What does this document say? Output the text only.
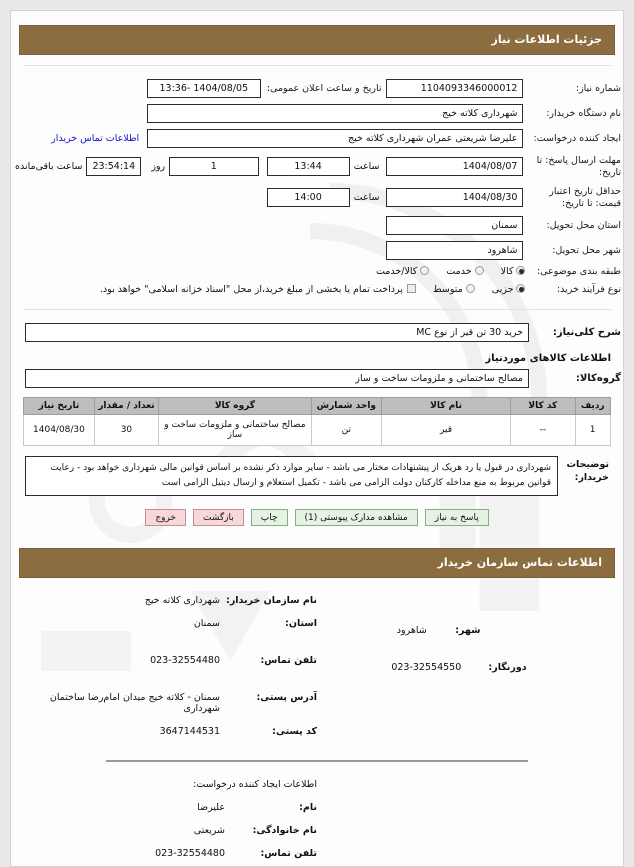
جزئیات اطلاعات نیاز
شماره نیاز:	
1104093346000012
	تاریخ و ساعت اعلان عمومی:	
1404/08/05 -13:36

نام دستگاه خریدار:	
شهرداری کلاته خیج

ایجاد کننده درخواست:	
علیرضا شریعتی عمران شهرداری کلاته خیج
	اطلاعات تماس خریدار
مهلت ارسال پاسخ: تا تاریخ:	
1404/08/07

ساعت	
13:44

1
	روز

23:54:14
	ساعت باقی‌مانده

حداقل تاریخ اعتبار قیمت: تا تاریخ:	
1404/08/30

ساعت	
14:00

استان محل تحویل:	
سمنان

شهر محل تحویل:	
شاهرود

طبقه بندی موضوعی:	کالا خدمت کالا/خدمت
نوع فرآیند خرید:	جزیی متوسط پرداخت تمام یا بخشی از مبلغ خرید،از محل "اسناد خزانه اسلامی" خواهد بود.
شرح کلی‌نیاز:	
خرید 30 تن قیر از نوع MC
اطلاعات کالاهای موردنیاز
گروه‌کالا:	
مصالح ساختمانی و ملزومات ساخت و ساز
ردیف	کد کالا	نام کالا	واحد شمارش	گروه کالا	تعداد / مقدار	تاریخ نیاز
1	--	قیر	تن	مصالح ساختمانی و ملزومات ساخت و ساز	30	1404/08/30
توضیحات خریدار:
شهرداری در قبول یا رد هریک از پیشنهادات مختار می باشد - سایر موارد ذکر نشده بر اساس قوانین مالی شهرداری خواهد بود - رعایت قوانین مربوط به منع مداخله کارکنان دولت الزامی می باشد - تکمیل استعلام و ارسال دیتیل الزامی است
پاسخ به نیاز
مشاهده مدارک پیوستی (1)
چاپ
بازگشت
خروج
اطلاعات تماس سازمان خریدار
	نام سازمان خریدار:	شهرداری کلاته خیج

	شهر:	شاهرود
	استان:	سمنان

	دورنگار:	023-32554550
	تلفن تماس:	023-32554480
	آدرس پستی:	سمنان - کلاته خیج میدان امام‌رضا ساختمان شهرداری
	کد پستی:	3647144531
	اطلاعات ایجاد کننده درخواست:	
	نام:	علیرضا
	نام خانوادگی:	شریعتی
	تلفن تماس:	023-32554480
